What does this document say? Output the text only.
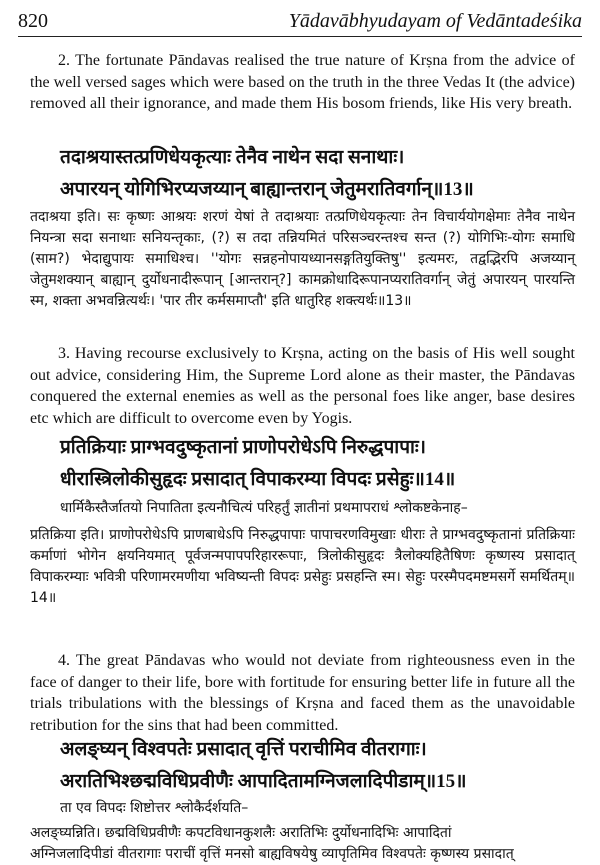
820	Yādavābhyudayam of Vedāntadeśika

2. The fortunate Pāndavas realised the true nature of Krṣna from the advice of the well versed sages which were based on the truth in the three Vedas It (the advice) removed all their ignorance, and made them His bosom friends, like His very breath.

तदाश्रयास्तत्प्रणिधेयकृत्याः तेनैव नाथेन सदा सनाथाः।
अपारयन् योगिभिरप्यजय्यान् बाह्यान्तरान् जेतुमरातिवर्गान्॥13॥

तदाश्रया इति। सः कृष्णः आश्रयः शरणं येषां ते तदाश्रयाः तत्प्रणिधेयकृत्याः तेन विचार्ययोगक्षेमाः तेनैव नाथेन नियन्त्रा सदा सनाथाः सनियन्तृकाः, (?) स तदा तन्नियमितं परिसञ्चरन्तश्च सन्त (?) योगिभिः-योगः समाधि (साम?) भेदाद्युपायः समाधिश्च। ''योगः सन्नहनोपायध्यानसङ्गतियुक्तिषु'' इत्यमरः, तद्वद्भिरपि अजय्यान् जेतुमशक्यान् बाह्यान् दुर्योधनादीरूपान् [आन्तरान्?] कामक्रोधादिरूपानप्यरातिवर्गान् जेतुं अपारयन् पारयन्ति स्म, शक्ता अभवन्नित्यर्थः। 'पार तीर कर्मसमाप्तौ' इति धातुरिह शक्त्यर्थः॥13॥

3. Having recourse exclusively to Krṣna, acting on the basis of His well sought out advice, considering Him, the Supreme Lord alone as their master, the Pāndavas conquered the external enemies as well as the personal foes like anger, base desires etc which are difficult to overcome even by Yogis.

प्रतिक्रियाः प्राग्भवदुष्कृतानां प्राणोपरोधेऽपि निरुद्धपापाः।
धीरास्त्रिलोकीसुहृदः प्रसादात् विपाकरम्या विपदः प्रसेहुः॥14॥

धार्मिकैस्तैर्जातयो निपातिता इत्यनौचित्यं परिहर्तुं ज्ञातीनां प्रथमापराधं श्लोकष्टकेनाह–

प्रतिक्रिया इति। प्राणोपरोधेऽपि प्राणबाधेऽपि निरुद्धपापाः पापाचरणविमुखाः धीराः ते प्राग्भवदुष्कृतानां प्रतिक्रियाः कर्माणां भोगेन क्षयनियमात् पूर्वजन्मपापपरिहाररूपाः, त्रिलोकीसुहृदः त्रैलोक्यहितैषिणः कृष्णस्य प्रसादात् विपाकरम्याः भवित्री परिणामरमणीया भविष्यन्ती विपदः प्रसेहुः प्रसहन्ति स्म। सेहुः परस्मैपदमष्टमसर्गे समर्थितम्॥14॥

4. The great Pāndavas who would not deviate from righteousness even in the face of danger to their life, bore with fortitude for ensuring better life in future all the trials tribulations with the blessings of Krṣna and faced them as the unavoidable retribution for the sins that had been committed.

अलङ्घ्यन् विश्वपतेः प्रसादात् वृत्तिं पराचीमिव वीतरागाः।
अरातिभिश्छद्मविधिप्रवीणैः आपादितामग्निजलादिपीडाम्॥15॥

ता एव विपदः शिष्टोत्तर श्लोकैर्दर्शयति–

अलङ्घ्यन्निति। छद्मविधिप्रवीणैः कपटविधानकुशलैः अरातिभिः दुर्योधनादिभिः आपादितां
अग्निजलादिपीडां वीतरागाः पराचीं वृत्तिं मनसो बाह्यविषयेषु व्यापृतिमिव विश्वपतेः कृष्णस्य प्रसादात्
